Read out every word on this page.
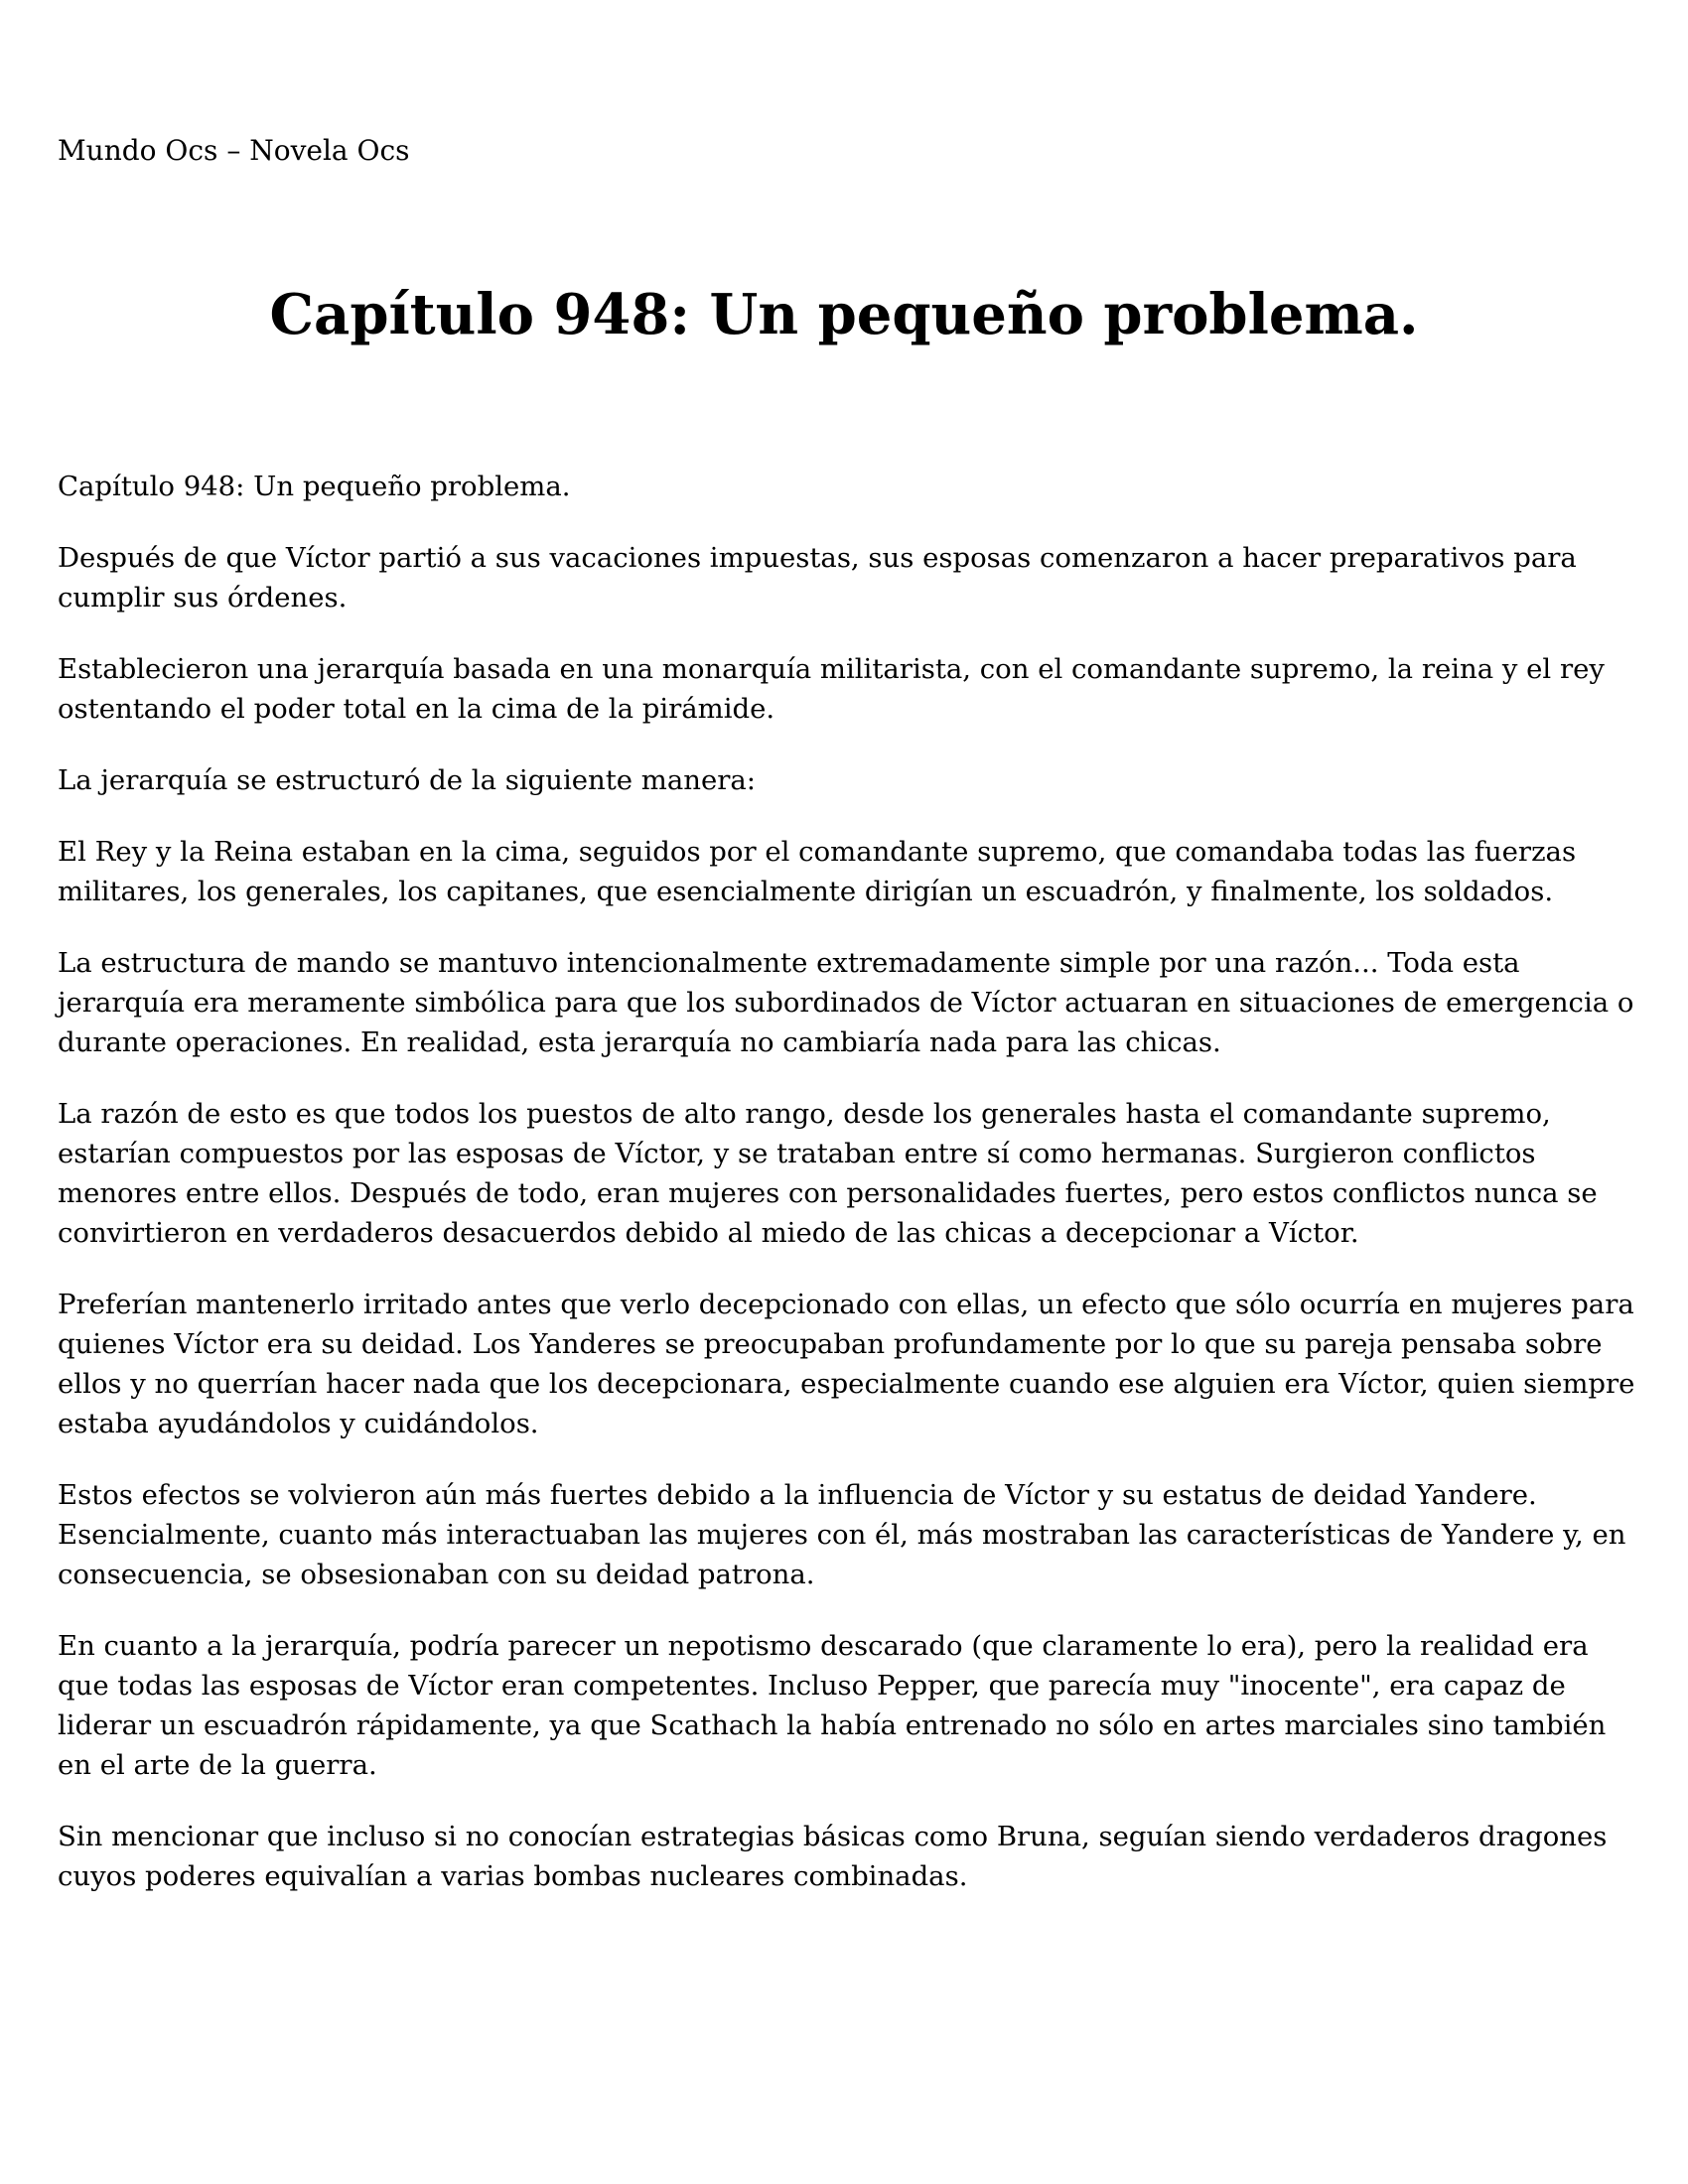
Mundo Ocs – Novela Ocs

Capítulo 948: Un pequeño problema.

Capítulo 948: Un pequeño problema.

Después de que Víctor partió a sus vacaciones impuestas, sus esposas comenzaron a hacer preparativos para cumplir sus órdenes.

Establecieron una jerarquía basada en una monarquía militarista, con el comandante supremo, la reina y el rey ostentando el poder total en la cima de la pirámide.

La jerarquía se estructuró de la siguiente manera:

El Rey y la Reina estaban en la cima, seguidos por el comandante supremo, que comandaba todas las fuerzas militares, los generales, los capitanes, que esencialmente dirigían un escuadrón, y finalmente, los soldados.

La estructura de mando se mantuvo intencionalmente extremadamente simple por una razón... Toda esta jerarquía era meramente simbólica para que los subordinados de Víctor actuaran en situaciones de emergencia o durante operaciones. En realidad, esta jerarquía no cambiaría nada para las chicas.

La razón de esto es que todos los puestos de alto rango, desde los generales hasta el comandante supremo, estarían compuestos por las esposas de Víctor, y se trataban entre sí como hermanas. Surgieron conflictos menores entre ellos. Después de todo, eran mujeres con personalidades fuertes, pero estos conflictos nunca se convirtieron en verdaderos desacuerdos debido al miedo de las chicas a decepcionar a Víctor.

Preferían mantenerlo irritado antes que verlo decepcionado con ellas, un efecto que sólo ocurría en mujeres para quienes Víctor era su deidad. Los Yanderes se preocupaban profundamente por lo que su pareja pensaba sobre ellos y no querrían hacer nada que los decepcionara, especialmente cuando ese alguien era Víctor, quien siempre estaba ayudándolos y cuidándolos.

Estos efectos se volvieron aún más fuertes debido a la influencia de Víctor y su estatus de deidad Yandere. Esencialmente, cuanto más interactuaban las mujeres con él, más mostraban las características de Yandere y, en consecuencia, se obsesionaban con su deidad patrona.

En cuanto a la jerarquía, podría parecer un nepotismo descarado (que claramente lo era), pero la realidad era que todas las esposas de Víctor eran competentes. Incluso Pepper, que parecía muy "inocente", era capaz de liderar un escuadrón rápidamente, ya que Scathach la había entrenado no sólo en artes marciales sino también en el arte de la guerra.

Sin mencionar que incluso si no conocían estrategias básicas como Bruna, seguían siendo verdaderos dragones cuyos poderes equivalían a varias bombas nucleares combinadas.
